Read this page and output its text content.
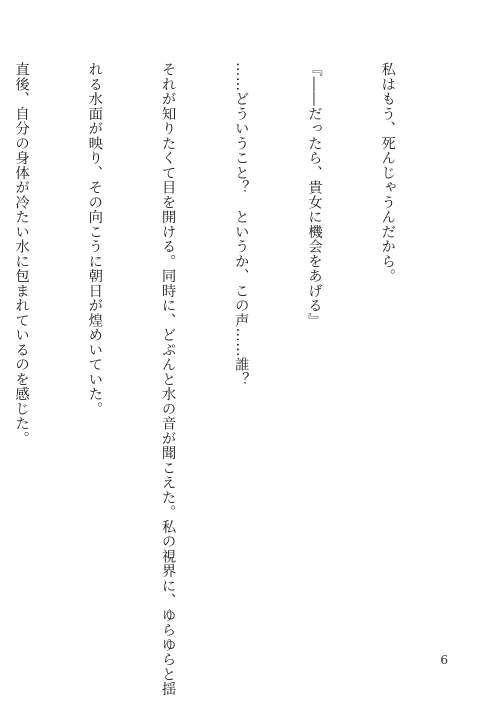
私はもう、死んじゃうんだから。

『――だったら、貴女に機会をあげる』

……どういうこと？　というか、この声……誰？

それが知りたくて目を開ける。同時に、どぷんと水の音が聞こえた。私の視界に、ゆらゆらと揺

れる水面が映り、その向こうに朝日が煌めいていた。

直後、自分の身体が冷たい水に包まれているのを感じた。

6
